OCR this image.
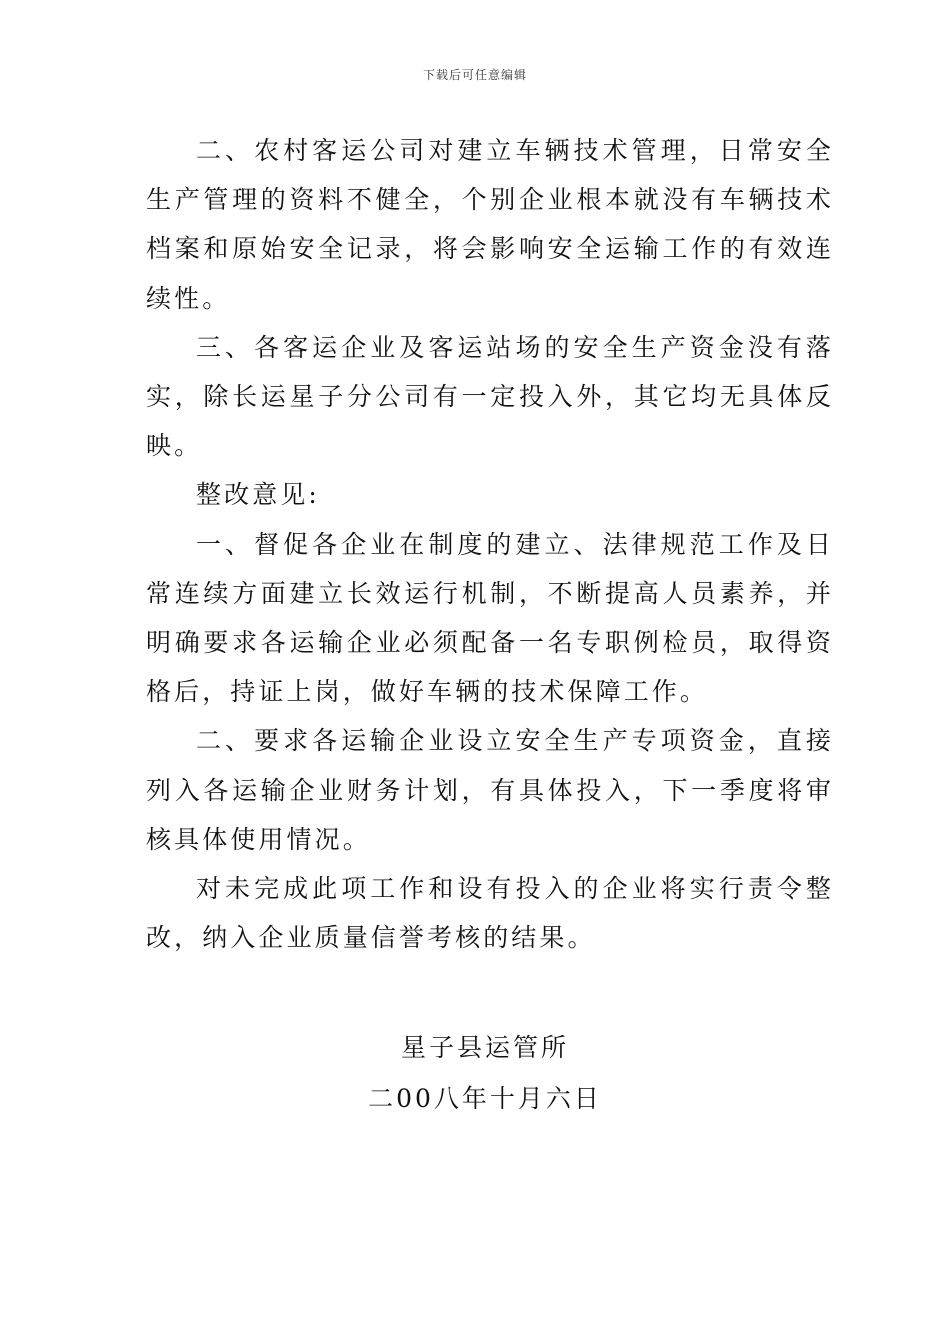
下载后可任意编辑

二、农村客运公司对建立车辆技术管理，日常安全生产管理的资料不健全，个别企业根本就没有车辆技术档案和原始安全记录，将会影响安全运输工作的有效连续性。

三、各客运企业及客运站场的安全生产资金没有落实，除长运星子分公司有一定投入外，其它均无具体反映。

整改意见:

一、督促各企业在制度的建立、法律规范工作及日常连续方面建立长效运行机制，不断提高人员素养，并明确要求各运输企业必须配备一名专职例检员，取得资格后，持证上岗，做好车辆的技术保障工作。

二、要求各运输企业设立安全生产专项资金，直接列入各运输企业财务计划，有具体投入，下一季度将审核具体使用情况。

对未完成此项工作和设有投入的企业将实行责令整改，纳入企业质量信誉考核的结果。

星子县运管所
二00八年十月六日
